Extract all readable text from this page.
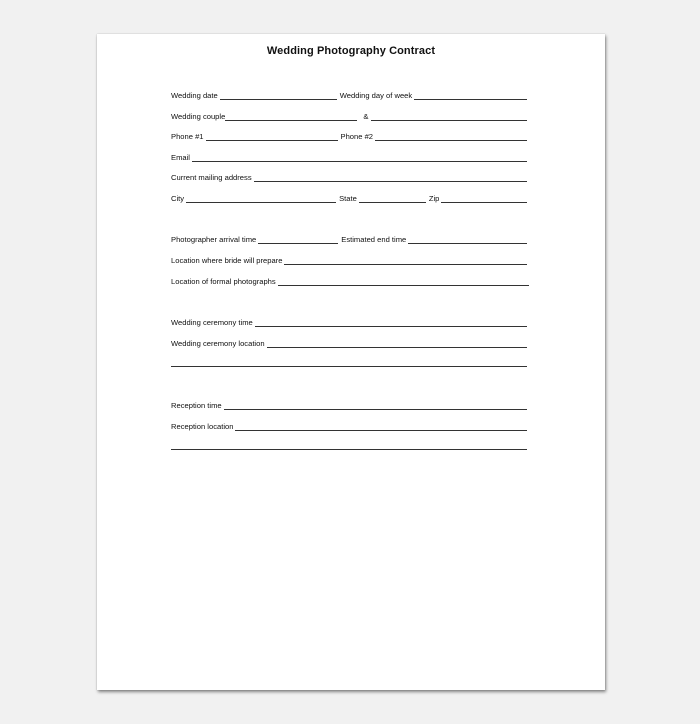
Wedding Photography Contract
Wedding date	Wedding day of week
Wedding couple	&
Phone #1	Phone #2
Email
Current mailing address
City	State	Zip
Photographer arrival time	Estimated end time
Location where bride will prepare
Location of formal photographs
Wedding ceremony time
Wedding ceremony location
Reception time
Reception location
